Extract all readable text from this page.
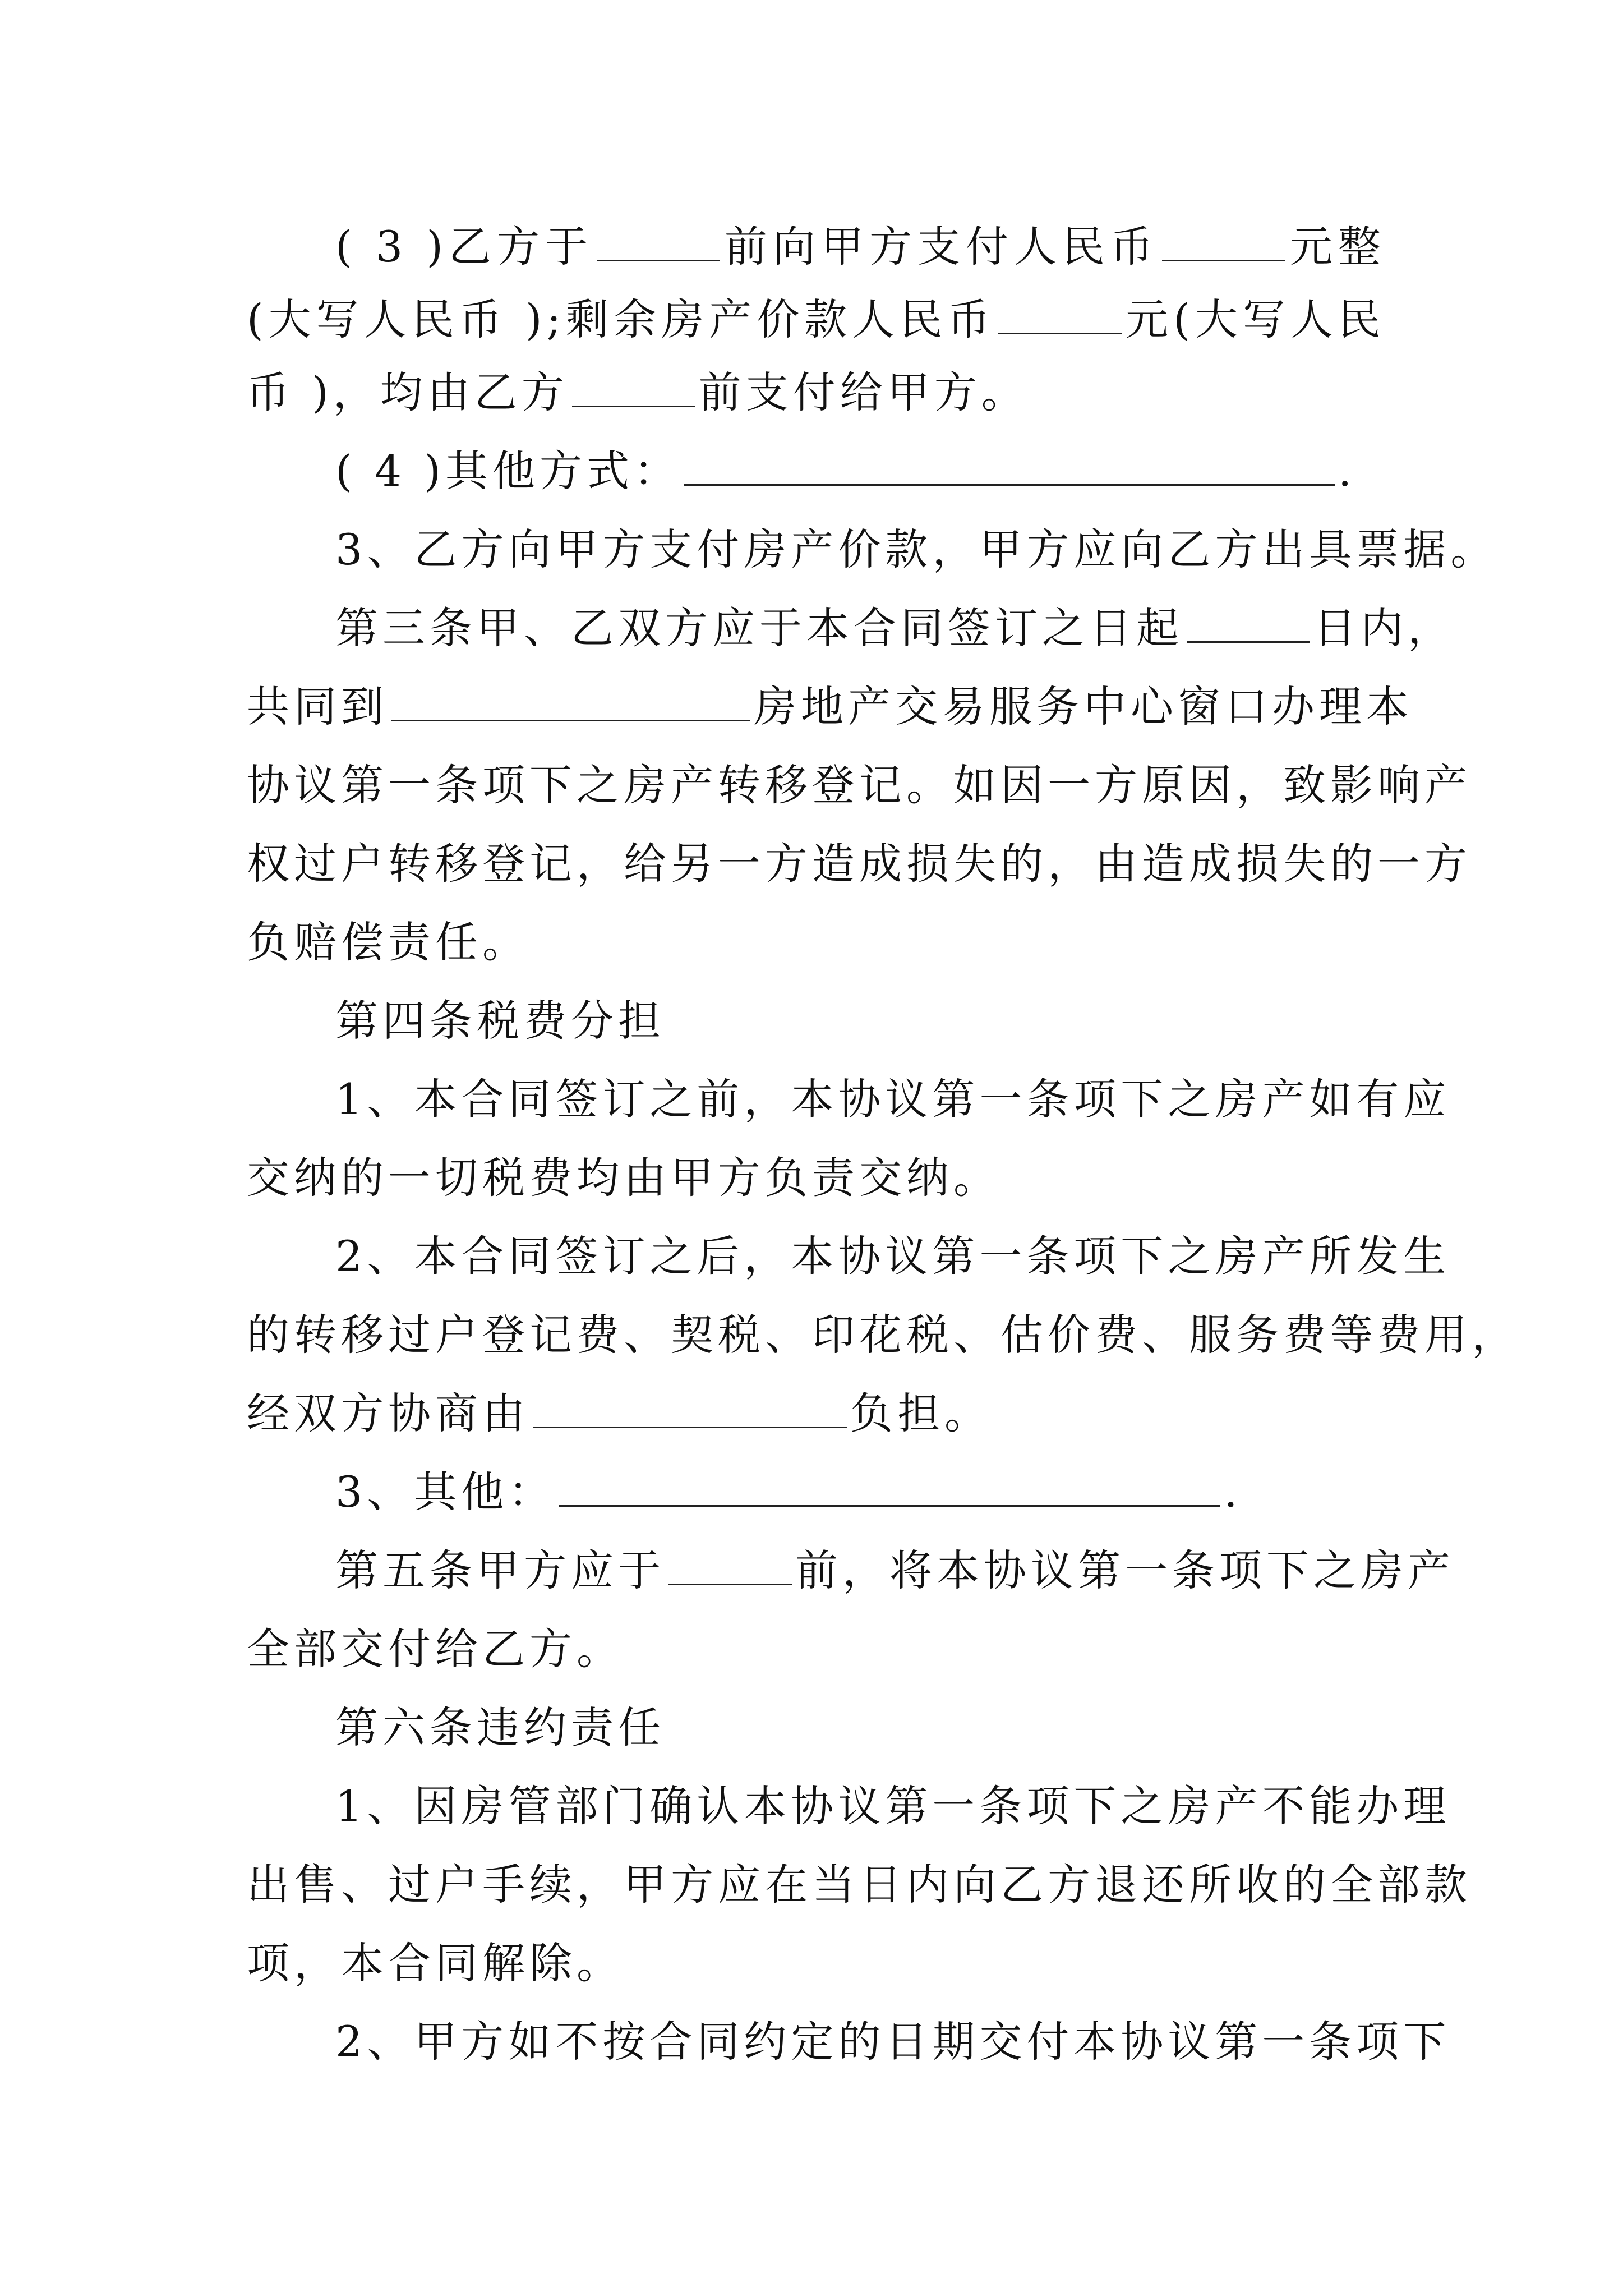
( 3 )乙方于	前向甲方支付人民币	元整
(大写人民币 );剩余房产价款人民币	元(大写人民
币 )，均由乙方	前支付给甲方。
( 4 )其他方式：	.
3、乙方向甲方支付房产价款，甲方应向乙方出具票据。
第三条甲、乙双方应于本合同签订之日起	日内，
共同到	房地产交易服务中心窗口办理本
协议第一条项下之房产转移登记。如因一方原因，致影响产
权过户转移登记，给另一方造成损失的，由造成损失的一方
负赔偿责任。
第四条税费分担
1、本合同签订之前，本协议第一条项下之房产如有应
交纳的一切税费均由甲方负责交纳。
2、本合同签订之后，本协议第一条项下之房产所发生
的转移过户登记费、契税、印花税、估价费、服务费等费用，
经双方协商由	负担。
3、其他：	.
第五条甲方应于	前，将本协议第一条项下之房产
全部交付给乙方。
第六条违约责任
1、因房管部门确认本协议第一条项下之房产不能办理
出售、过户手续，甲方应在当日内向乙方退还所收的全部款
项，本合同解除。
2、甲方如不按合同约定的日期交付本协议第一条项下
